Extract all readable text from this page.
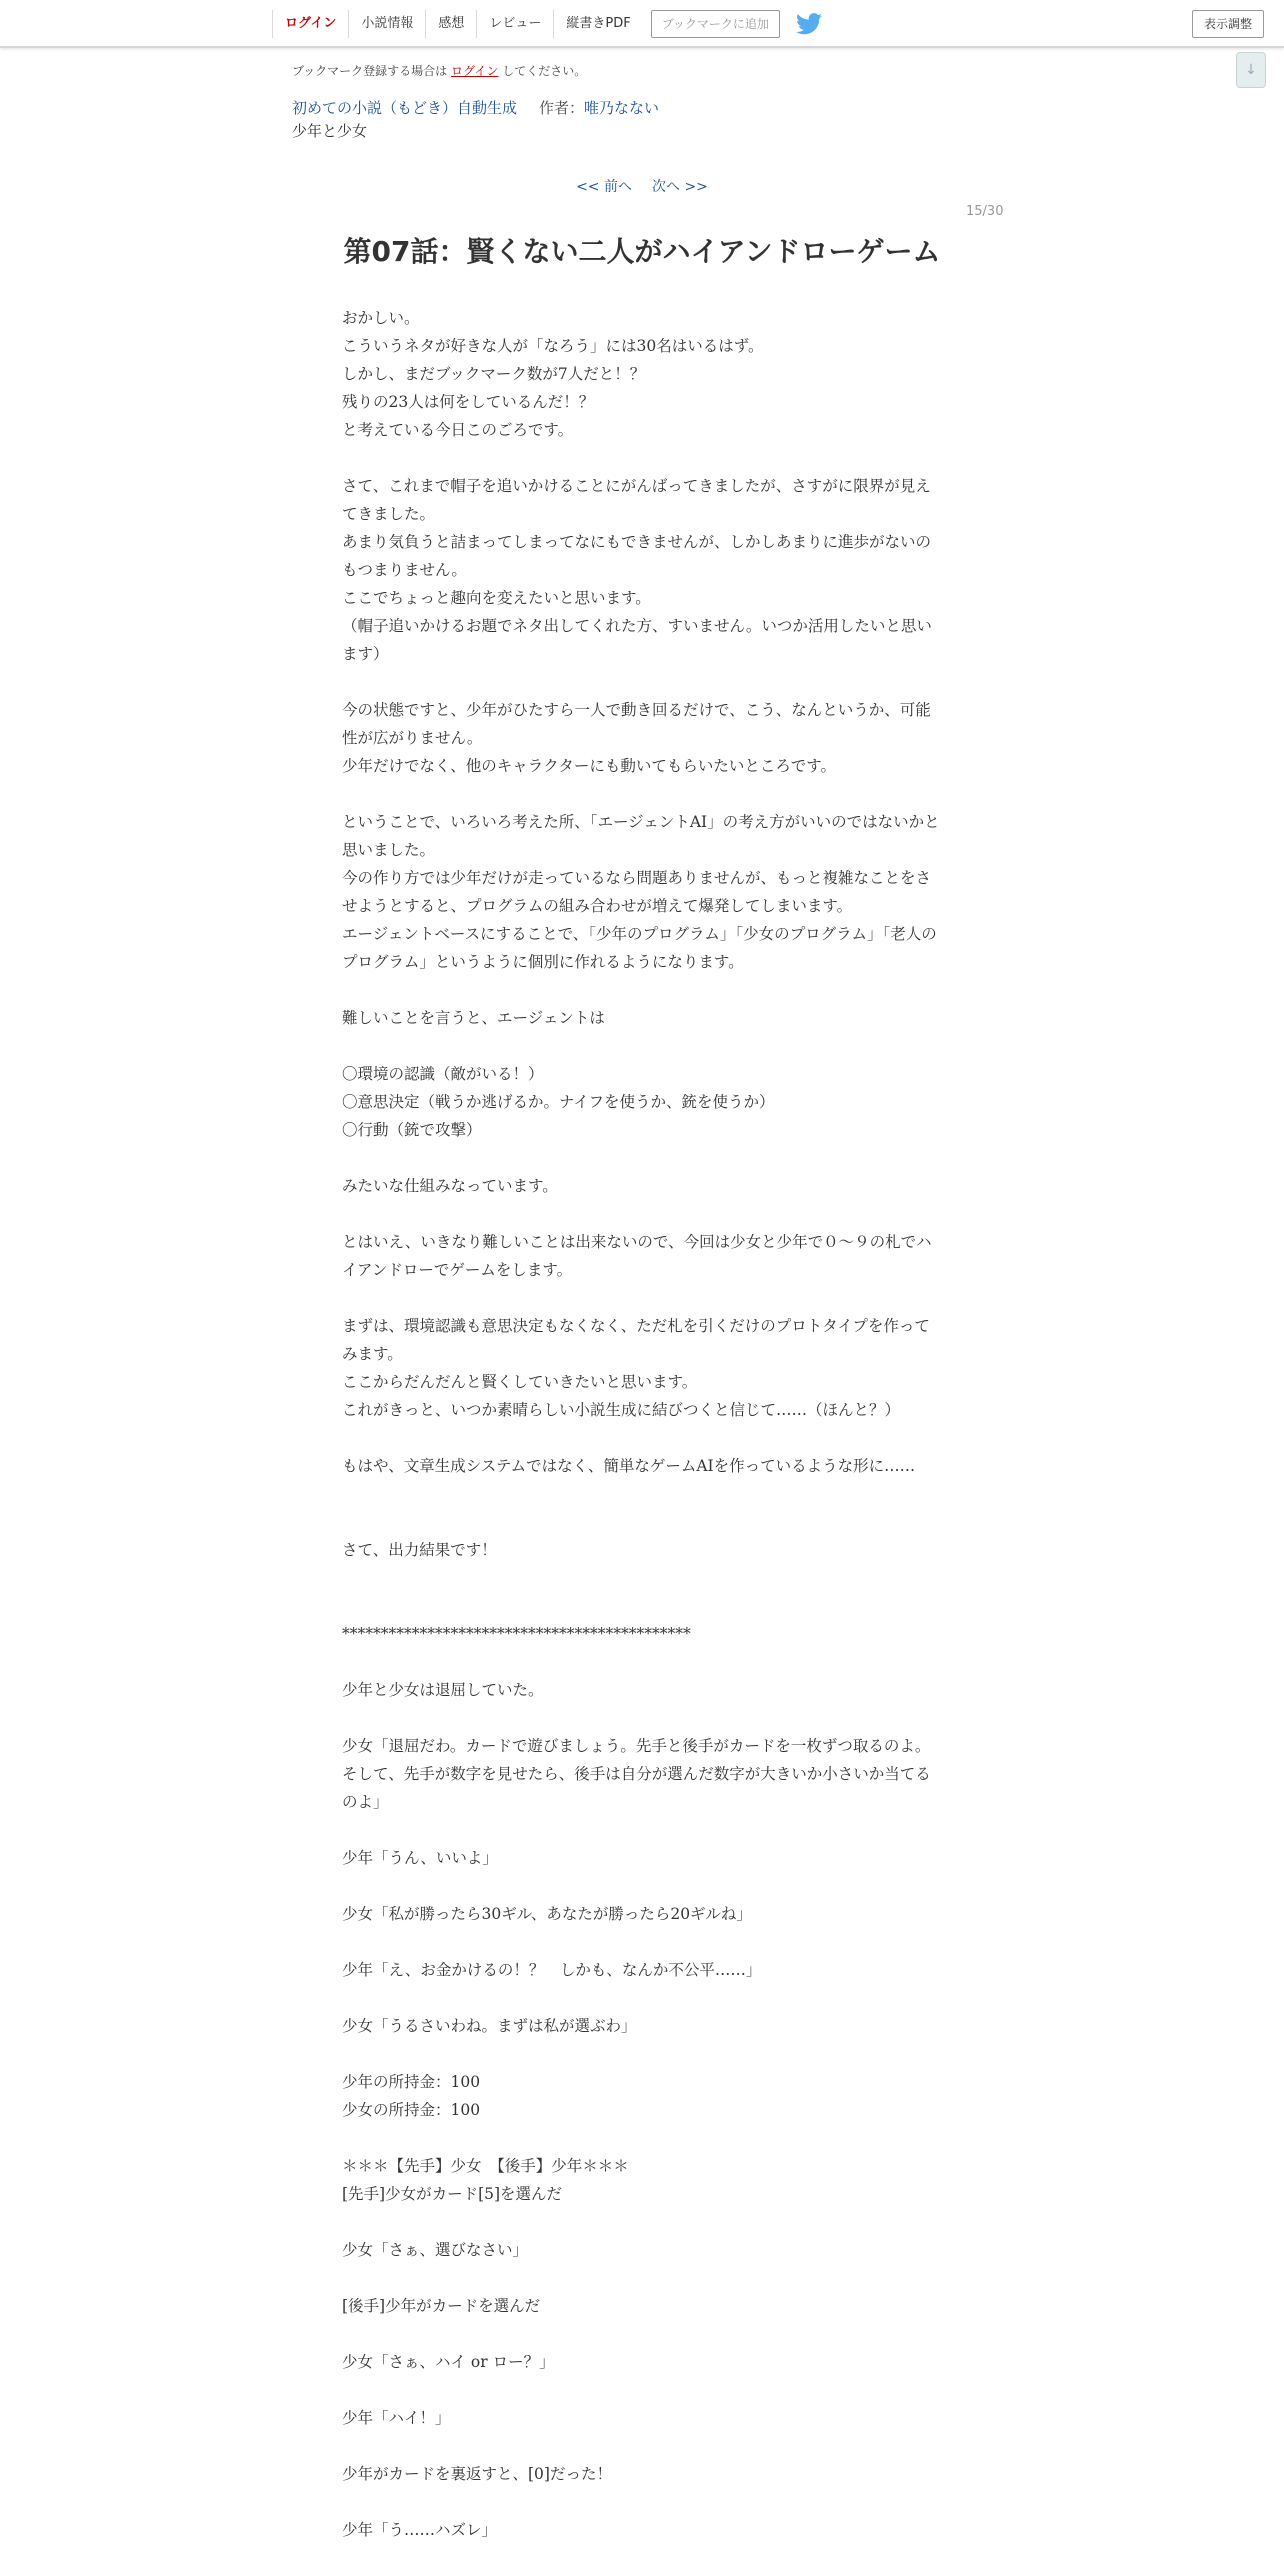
ログイン	小説情報	感想	レビュー	縦書きPDF	ブックマークに追加	表示調整
↓
ブックマーク登録する場合は ログイン してください。
初めての小説（もどき）自動生成 作者：唯乃なない
少年と少女
<< 前へ 次へ >>
15/30
第07話：賢くない二人がハイアンドローゲーム

おかしい。

こういうネタが好きな人が「なろう」には30名はいるはず。

しかし、まだブックマーク数が7人だと！？

残りの23人は何をしているんだ！？

と考えている今日このごろです。

さて、これまで帽子を追いかけることにがんばってきましたが、さすがに限界が見えてきました。

あまり気負うと詰まってしまってなにもできませんが、しかしあまりに進歩がないのもつまりません。

ここでちょっと趣向を変えたいと思います。

（帽子追いかけるお題でネタ出してくれた方、すいません。いつか活用したいと思います）

今の状態ですと、少年がひたすら一人で動き回るだけで、こう、なんというか、可能性が広がりません。

少年だけでなく、他のキャラクターにも動いてもらいたいところです。

ということで、いろいろ考えた所、「エージェントAI」の考え方がいいのではないかと思いました。

今の作り方では少年だけが走っているなら問題ありませんが、もっと複雑なことをさせようとすると、プログラムの組み合わせが増えて爆発してしまいます。

エージェントベースにすることで、「少年のプログラム」「少女のプログラム」「老人のプログラム」というように個別に作れるようになります。

難しいことを言うと、エージェントは

〇環境の認識（敵がいる！）

〇意思決定（戦うか逃げるか。ナイフを使うか、銃を使うか）

〇行動（銃で攻撃）

みたいな仕組みなっています。

とはいえ、いきなり難しいことは出来ないので、今回は少女と少年で０～９の札でハイアンドローでゲームをします。

まずは、環境認識も意思決定もなくなく、ただ札を引くだけのプロトタイプを作ってみます。

ここからだんだんと賢くしていきたいと思います。

これがきっと、いつか素晴らしい小説生成に結びつくと信じて……（ほんと？）

もはや、文章生成システムではなく、簡単なゲームAIを作っているような形に……

さて、出力結果です！

*********************************************

少年と少女は退屈していた。

少女「退屈だわ。カードで遊びましょう。先手と後手がカードを一枚ずつ取るのよ。そして、先手が数字を見せたら、後手は自分が選んだ数字が大きいか小さいか当てるのよ」

少年「うん、いいよ」

少女「私が勝ったら30ギル、あなたが勝ったら20ギルね」

少年「え、お金かけるの！？　しかも、なんか不公平……」

少女「うるさいわね。まずは私が選ぶわ」

少年の所持金：100

少女の所持金：100

＊＊＊【先手】少女　【後手】少年＊＊＊

[先手]少女がカード[5]を選んだ

少女「さぁ、選びなさい」

[後手]少年がカードを選んだ

少女「さぁ、ハイ or ロー？」

少年「ハイ！」

少年がカードを裏返すと、[0]だった！

少年「う……ハズレ」
